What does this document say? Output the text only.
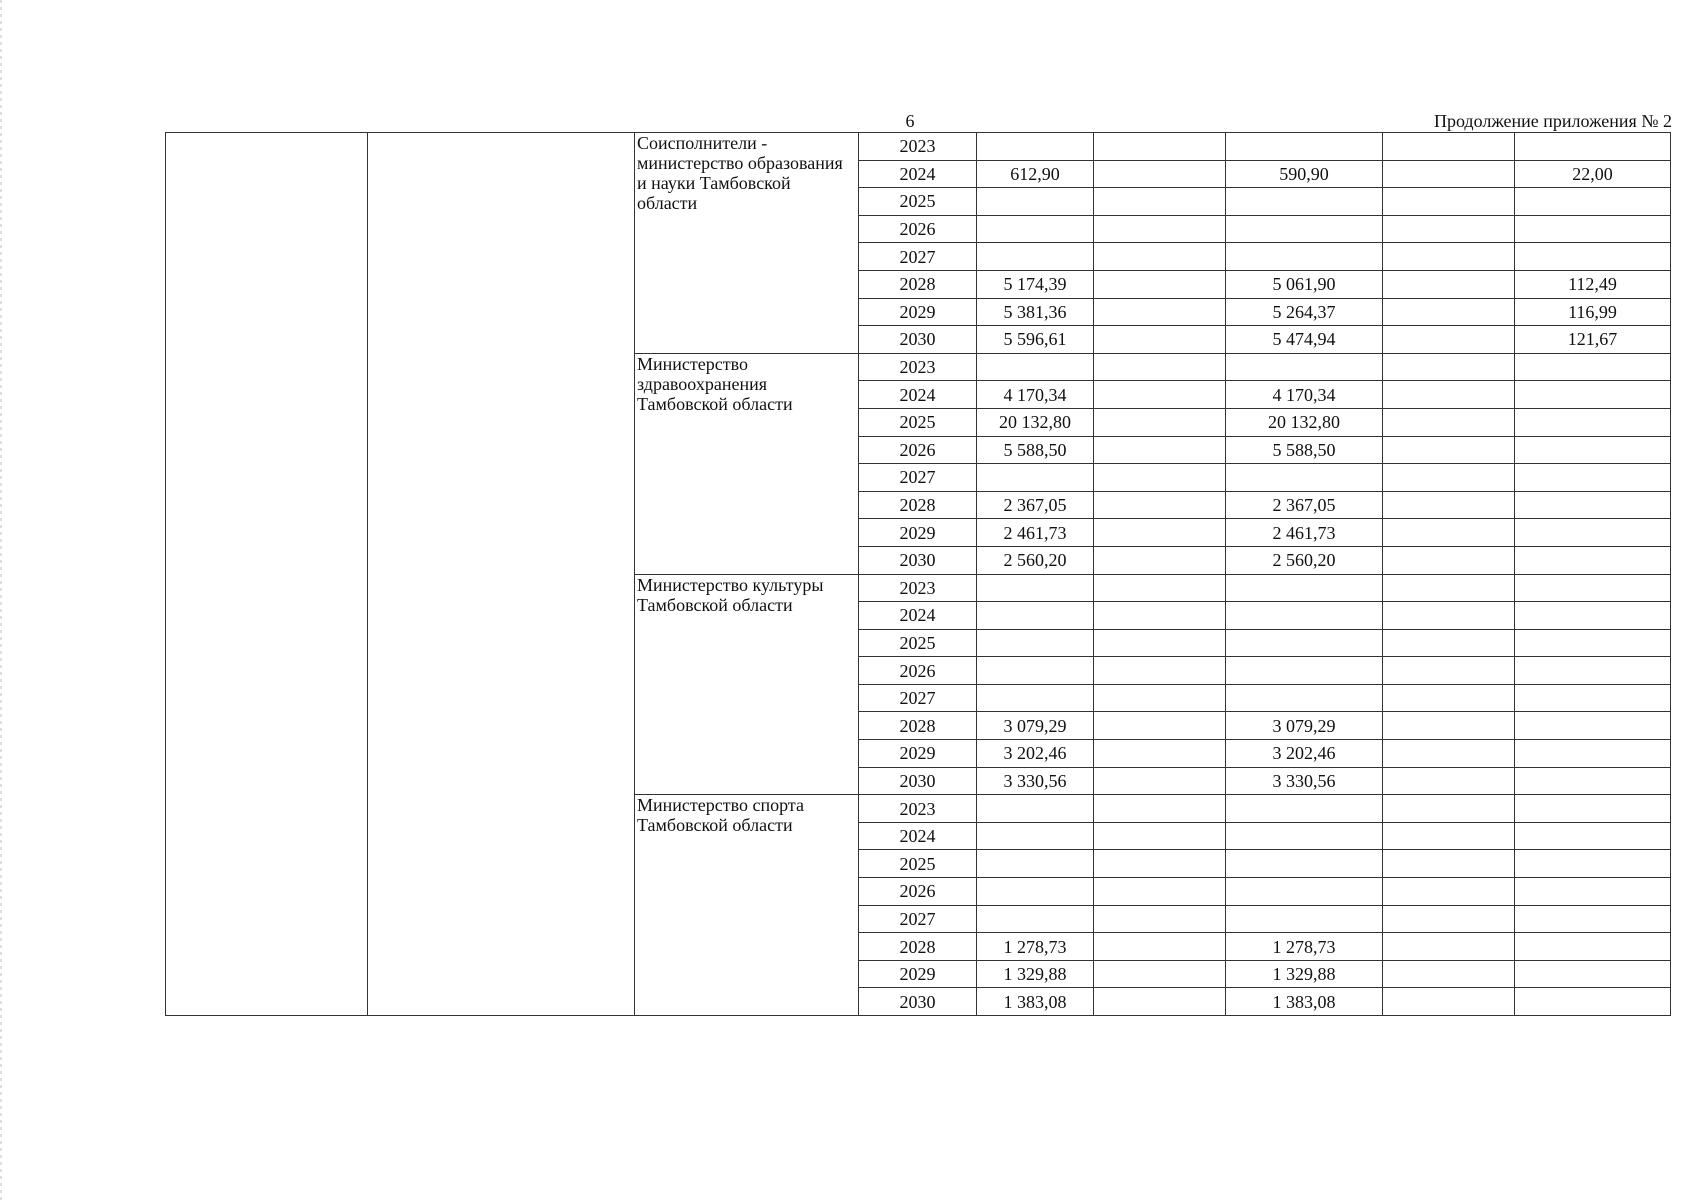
6	Продолжение приложения № 2
		Соисполнители - министерство образования и науки Тамбовской области	2023					
			2024	612,90		590,90		22,00
			2025					
			2026					
			2027					
			2028	5 174,39		5 061,90		112,49
			2029	5 381,36		5 264,37		116,99
			2030	5 596,61		5 474,94		121,67
		Министерство здравоохранения Тамбовской области	2023					
			2024	4 170,34		4 170,34		
			2025	20 132,80		20 132,80		
			2026	5 588,50		5 588,50		
			2027					
			2028	2 367,05		2 367,05		
			2029	2 461,73		2 461,73		
			2030	2 560,20		2 560,20		
		Министерство культуры Тамбовской области	2023					
			2024					
			2025					
			2026					
			2027					
			2028	3 079,29		3 079,29		
			2029	3 202,46		3 202,46		
			2030	3 330,56		3 330,56		
		Министерство спорта Тамбовской области	2023					
			2024					
			2025					
			2026					
			2027					
			2028	1 278,73		1 278,73		
			2029	1 329,88		1 329,88		
			2030	1 383,08		1 383,08		
